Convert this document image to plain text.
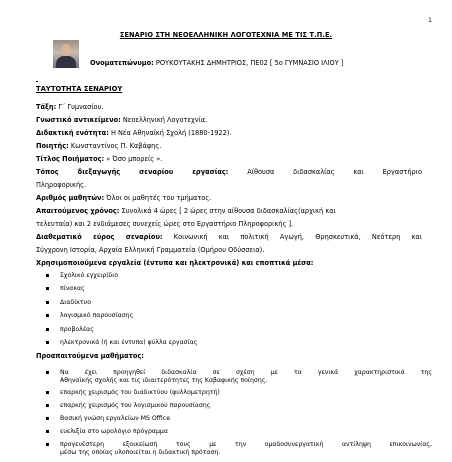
1
ΣΕΝΑΡΙΟ ΣΤΗ ΝΕΟΕΛΛΗΝΙΚΗ ΛΟΓΟΤΕΧΝΙΑ ΜΕ ΤΙΣ Τ.Π.Ε.
Ονοματεπώνυμο: ΡΟΥΚΟΥΤΑΚΗΣ ΔΗΜΗΤΡΙΟΣ, ΠΕ02 [ 5ο ΓΥΜΝΑΣΙΟ ΙΛΙΟΥ ]
ΤΑΥΤΟΤΗΤΑ ΣΕΝΑΡΙΟΥ
Τάξη: Γ΄ Γυμνασίου.
Γνωστικό αντικείμενο: Νεοελληνική Λογοτεχνία.
Διδακτική ενότητα: Η Νέα Αθηναϊκή Σχολή (1880-1922).
Ποιητής: Κωνσταντίνος Π. Καβάφης.
Τίτλος Ποιήματος: « Όσο μπορείς ».
Τόπος διεξαγωγής σεναρίου εργασίας: Αίθουσα διδασκαλίας και Εργαστήριο
Πληροφορικής.
Αριθμός μαθητών: Όλοι οι μαθητές του τμήματος.
Απαιτούμενος χρόνος: Συνολικά 4 ώρες [ 2 ώρες στην αίθουσα διδασκαλίας(αρχική και
τελευταία) και 2 ενδιάμεσες συνεχείς ώρες στο Εργαστήριο Πληροφορικής ].
Διαθεματικό εύρος σεναρίου: Κοινωνική και πολιτική Αγωγή, Θρησκευτικά, Νεότερη και
Σύγχρονη Ιστορία, Αρχαία Ελληνική Γραμματεία (Ομήρου Οδύσσεια).
Χρησιμοποιούμενα εργαλεία (έντυπα και ηλεκτρονικά) και εποπτικά μέσα:
Σχολικό εγχειρίδιο
πίνακας
Διαδίκτυο
λογισμικό παρουσίασης
προβολέας
ηλεκτρονικά (ή και έντυπα) φύλλα εργασίας
Προαπαιτούμενα μαθήματος:
Να έχει προηγηθεί διδασκαλία σε σχέση με τα γενικά χαρακτηριστικά της
Αθηναϊκής σχολής και τις ιδιαιτερότητες της Καβαφικής ποίησης.
επαρκής χειρισμός του διαδικτύου (φυλλομετρητή)
επαρκής χειρισμός του λογισμικού παρουσίασης
Βασική γνώση εργαλείων MS Office
ευελιξία στο ωρολόγιο πρόγραμμα
προγενέστερη εξοικείωσή τους με την ομαδοσυνεργατική αντίληψη επικοινωνίας,
μέσω της οποίας υλοποιείται η διδακτική πρόταση.
